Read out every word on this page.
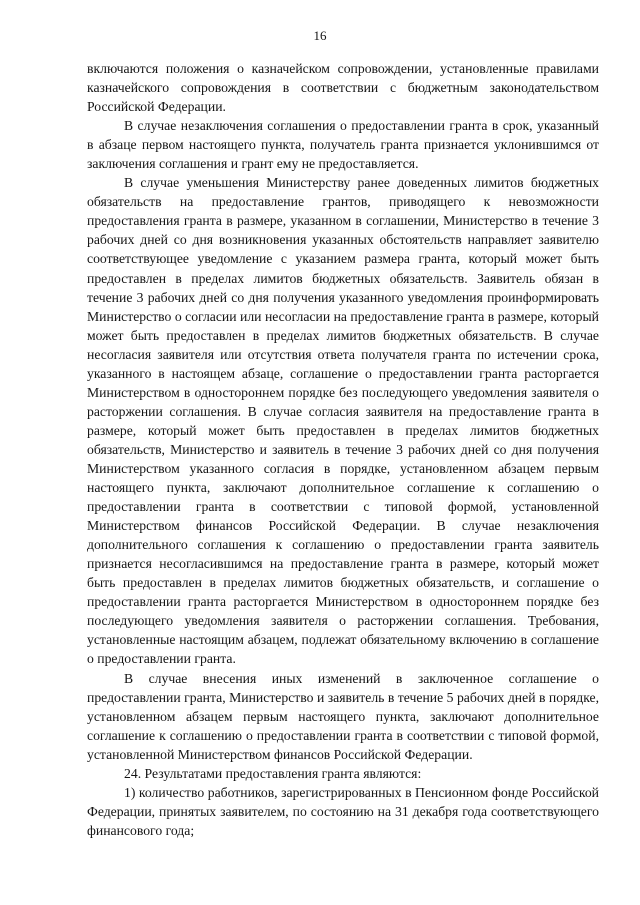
16

включаются положения о казначейском сопровождении, установленные правилами казначейского сопровождения в соответствии с бюджетным законодательством Российской Федерации.

В случае незаключения соглашения о предоставлении гранта в срок, указанный в абзаце первом настоящего пункта, получатель гранта признается уклонившимся от заключения соглашения и грант ему не предоставляется.

В случае уменьшения Министерству ранее доведенных лимитов бюджетных обязательств на предоставление грантов, приводящего к невозможности предоставления гранта в размере, указанном в соглашении, Министерство в течение 3 рабочих дней со дня возникновения указанных обстоятельств направляет заявителю соответствующее уведомление с указанием размера гранта, который может быть предоставлен в пределах лимитов бюджетных обязательств. Заявитель обязан в течение 3 рабочих дней со дня получения указанного уведомления проинформировать Министерство о согласии или несогласии на предоставление гранта в размере, который может быть предоставлен в пределах лимитов бюджетных обязательств. В случае несогласия заявителя или отсутствия ответа получателя гранта по истечении срока, указанного в настоящем абзаце, соглашение о предоставлении гранта расторгается Министерством в одностороннем порядке без последующего уведомления заявителя о расторжении соглашения. В случае согласия заявителя на предоставление гранта в размере, который может быть предоставлен в пределах лимитов бюджетных обязательств, Министерство и заявитель в течение 3 рабочих дней со дня получения Министерством указанного согласия в порядке, установленном абзацем первым настоящего пункта, заключают дополнительное соглашение к соглашению о предоставлении гранта в соответствии с типовой формой, установленной Министерством финансов Российской Федерации. В случае незаключения дополнительного соглашения к соглашению о предоставлении гранта заявитель признается несогласившимся на предоставление гранта в размере, который может быть предоставлен в пределах лимитов бюджетных обязательств, и соглашение о предоставлении гранта расторгается Министерством в одностороннем порядке без последующего уведомления заявителя о расторжении соглашения. Требования, установленные настоящим абзацем, подлежат обязательному включению в соглашение о предоставлении гранта.

В случае внесения иных изменений в заключенное соглашение о предоставлении гранта, Министерство и заявитель в течение 5 рабочих дней в порядке, установленном абзацем первым настоящего пункта, заключают дополнительное соглашение к соглашению о предоставлении гранта в соответствии с типовой формой, установленной Министерством финансов Российской Федерации.

24. Результатами предоставления гранта являются:

1) количество работников, зарегистрированных в Пенсионном фонде Российской Федерации, принятых заявителем, по состоянию на 31 декабря года соответствующего финансового года;
